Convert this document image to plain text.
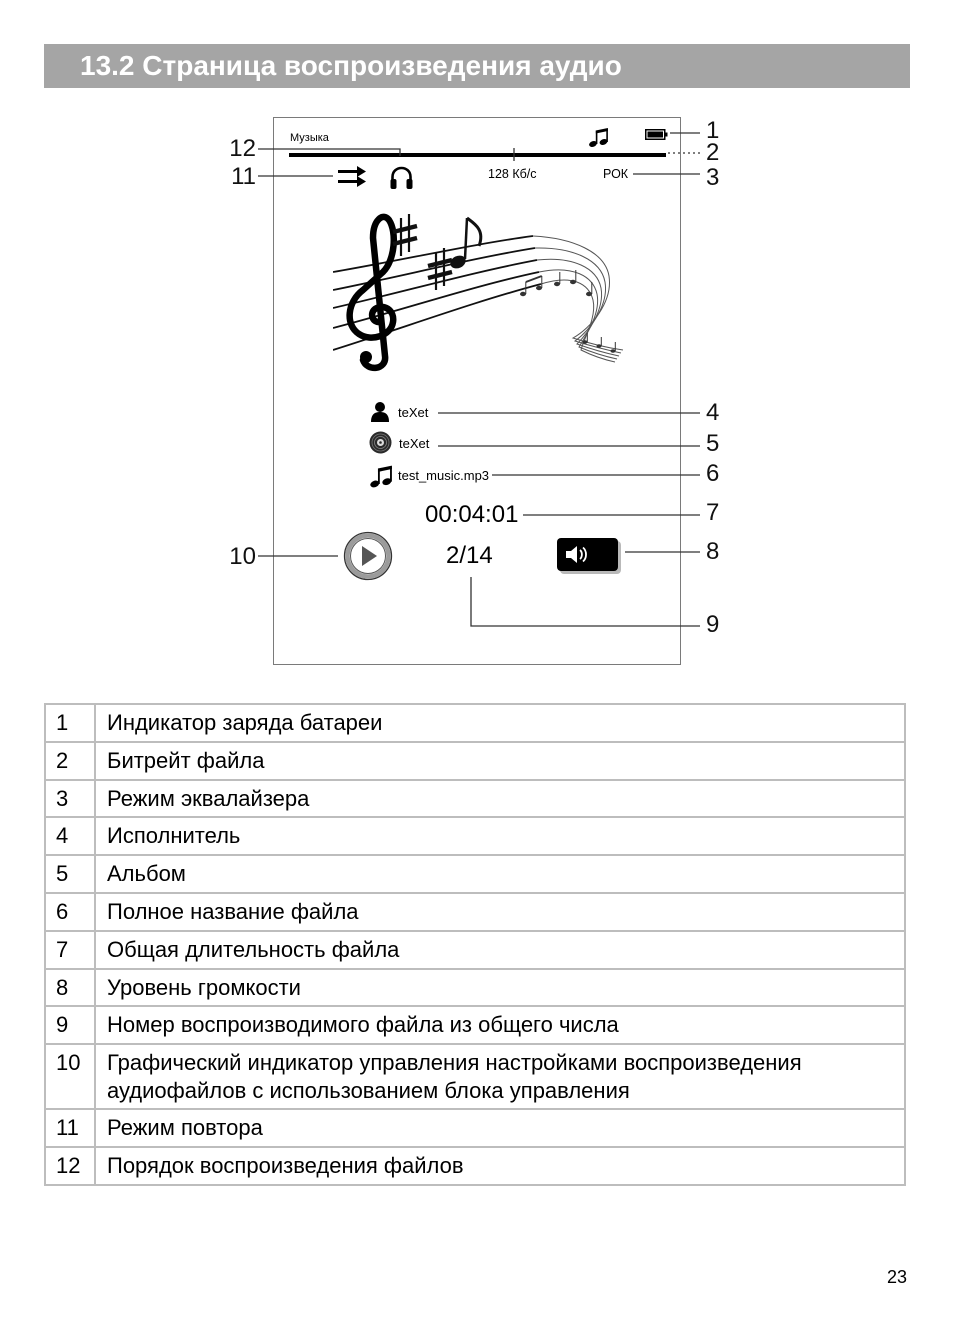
13.2 Страница воспроизведения аудио
Музыка
128 Кб/с	РОК
teXet
teXet
test_music.mp3
00:04:01
2/14
1
2
3
4
5
6
7
8
9
10
11
12
1	Индикатор заряда батареи
2	Битрейт файла
3	Режим эквалайзера
4	Исполнитель
5	Альбом
6	Полное название файла
7	Общая длительность файла
8	Уровень громкости
9	Номер воспроизводимого файла из общего числа
10	Графический индикатор управления настройками воспроизведения аудиофайлов с использованием блока управления
11	Режим повтора
12	Порядок воспроизведения файлов
23
